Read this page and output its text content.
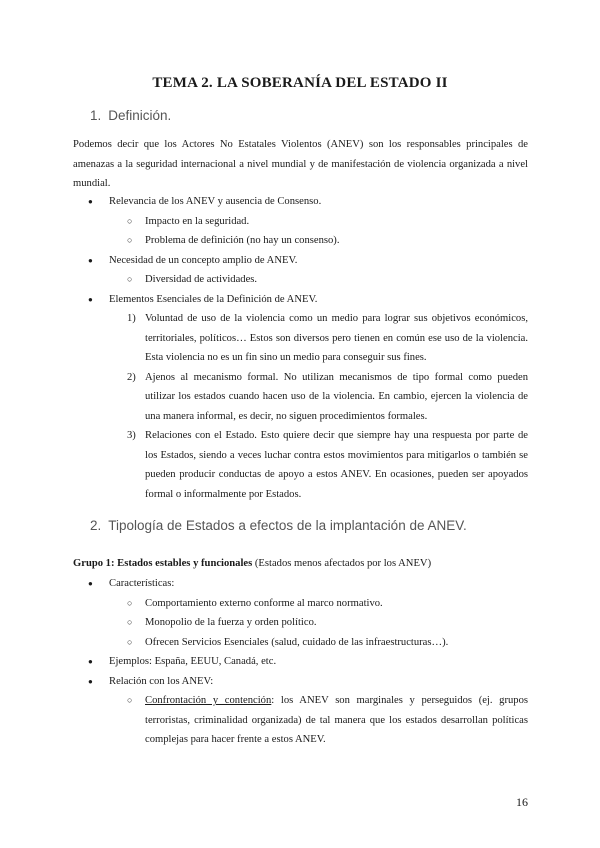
TEMA 2. LA SOBERANÍA DEL ESTADO II
1. Definición.
Podemos decir que los Actores No Estatales Violentos (ANEV) son los responsables principales de amenazas a la seguridad internacional a nivel mundial y de manifestación de violencia organizada a nivel mundial.
● Relevancia de los ANEV y ausencia de Consenso.
○ Impacto en la seguridad.
○ Problema de definición (no hay un consenso).
● Necesidad de un concepto amplio de ANEV.
○ Diversidad de actividades.
● Elementos Esenciales de la Definición de ANEV.
1) Voluntad de uso de la violencia como un medio para lograr sus objetivos económicos, territoriales, políticos… Estos son diversos pero tienen en común ese uso de la violencia. Esta violencia no es un fin sino un medio para conseguir sus fines.
2) Ajenos al mecanismo formal. No utilizan mecanismos de tipo formal como pueden utilizar los estados cuando hacen uso de la violencia. En cambio, ejercen la violencia de una manera informal, es decir, no siguen procedimientos formales.
3) Relaciones con el Estado. Esto quiere decir que siempre hay una respuesta por parte de los Estados, siendo a veces luchar contra estos movimientos para mitigarlos o también se pueden producir conductas de apoyo a estos ANEV. En ocasiones, pueden ser apoyados formal o informalmente por Estados.
2. Tipología de Estados a efectos de la implantación de ANEV.
Grupo 1: Estados estables y funcionales (Estados menos afectados por los ANEV)
● Características:
○ Comportamiento externo conforme al marco normativo.
○ Monopolio de la fuerza y orden político.
○ Ofrecen Servicios Esenciales (salud, cuidado de las infraestructuras…).
● Ejemplos: España, EEUU, Canadá, etc.
● Relación con los ANEV:
○ Confrontación y contención: los ANEV son marginales y perseguidos (ej. grupos terroristas, criminalidad organizada) de tal manera que los estados desarrollan políticas complejas para hacer frente a estos ANEV.
16
